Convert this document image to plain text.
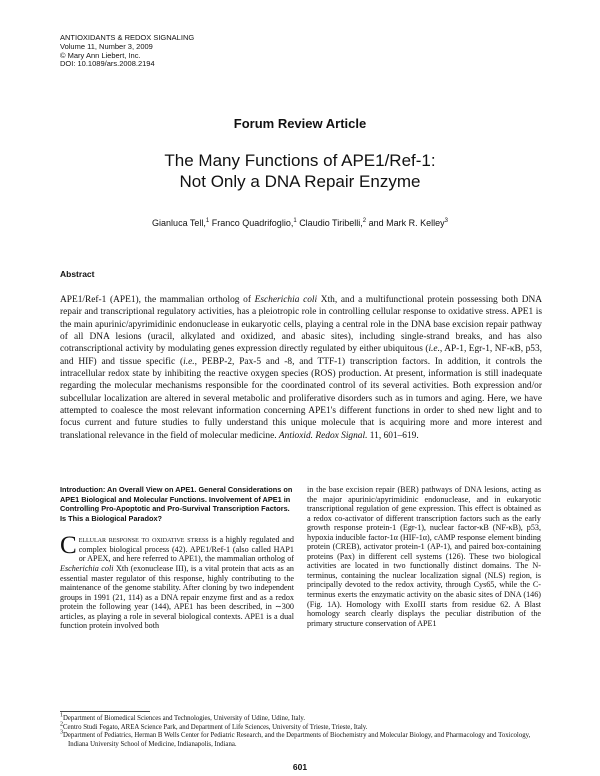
ANTIOXIDANTS & REDOX SIGNALING
Volume 11, Number 3, 2009
© Mary Ann Liebert, Inc.
DOI: 10.1089/ars.2008.2194
Forum Review Article
The Many Functions of APE1/Ref-1:
Not Only a DNA Repair Enzyme
Gianluca Tell,$^1$ Franco Quadrifoglio,$^1$ Claudio Tiribelli,$^2$ and Mark R. Kelley$^3$
Abstract
APE1/Ref-1 (APE1), the mammalian ortholog of Escherichia coli Xth, and a multifunctional protein possessing both DNA repair and transcriptional regulatory activities, has a pleiotropic role in controlling cellular response to oxidative stress. APE1 is the main apurinic/apyrimidinic endonuclease in eukaryotic cells, playing a central role in the DNA base excision repair pathway of all DNA lesions (uracil, alkylated and oxidized, and abasic sites), including single-strand breaks, and has also cotranscriptional activity by modulating genes expression directly regulated by either ubiquitous (i.e., AP-1, Egr-1, NF-κB, p53, and HIF) and tissue specific (i.e., PEBP-2, Pax-5 and -8, and TTF-1) transcription factors. In addition, it controls the intracellular redox state by inhibiting the reactive oxygen species (ROS) production. At present, information is still inadequate regarding the molecular mechanisms responsible for the coordinated control of its several activities. Both expression and/or subcellular localization are altered in several metabolic and proliferative disorders such as in tumors and aging. Here, we have attempted to coalesce the most relevant information concerning APE1's different functions in order to shed new light and to focus current and future studies to fully understand this unique molecule that is acquiring more and more interest and translational relevance in the field of molecular medicine. Antioxid. Redox Signal. 11, 601–619.
Introduction: An Overall View on APE1. General Considerations on APE1 Biological and Molecular Functions. Involvement of APE1 in Controlling Pro-Apoptotic and Pro-Survival Transcription Factors. Is This a Biological Paradox?
Cellular response to oxidative stress is a highly regulated and complex biological process (42). APE1/Ref-1 (also called HAP1 or APEX, and here referred to APE1), the mammalian ortholog of Escherichia coli Xth (exonuclease III), is a vital protein that acts as an essential master regulator of this response, highly contributing to the maintenance of the genome stability. After cloning by two independent groups in 1991 (21, 114) as a DNA repair enzyme first and as a redox protein the following year (144), APE1 has been described, in ∼300 articles, as playing a role in several biological contexts. APE1 is a dual function protein involved both
in the base excision repair (BER) pathways of DNA lesions, acting as the major apurinic/apyrimidinic endonuclease, and in eukaryotic transcriptional regulation of gene expression. This effect is obtained as a redox co-activator of different transcription factors such as the early growth response protein-1 (Egr-1), nuclear factor-κB (NF-κB), p53, hypoxia inducible factor-1α (HIF-1α), cAMP response element binding protein (CREB), activator protein-1 (AP-1), and paired box-containing proteins (Pax) in different cell systems (126). These two biological activities are located in two functionally distinct domains. The N-terminus, containing the nuclear localization signal (NLS) region, is principally devoted to the redox activity, through Cys65, while the C-terminus exerts the enzymatic activity on the abasic sites of DNA (146) (Fig. 1A). Homology with ExoIII starts from residue 62. A Blast homology search clearly displays the peculiar distribution of the primary structure conservation of APE1
$^1$Department of Biomedical Sciences and Technologies, University of Udine, Udine, Italy.
$^2$Centro Studi Fegato, AREA Science Park, and Department of Life Sciences, University of Trieste, Trieste, Italy.
$^3$Department of Pediatrics, Herman B Wells Center for Pediatric Research, and the Departments of Biochemistry and Molecular Biology, and Pharmacology and Toxicology, Indiana University School of Medicine, Indianapolis, Indiana.
601
